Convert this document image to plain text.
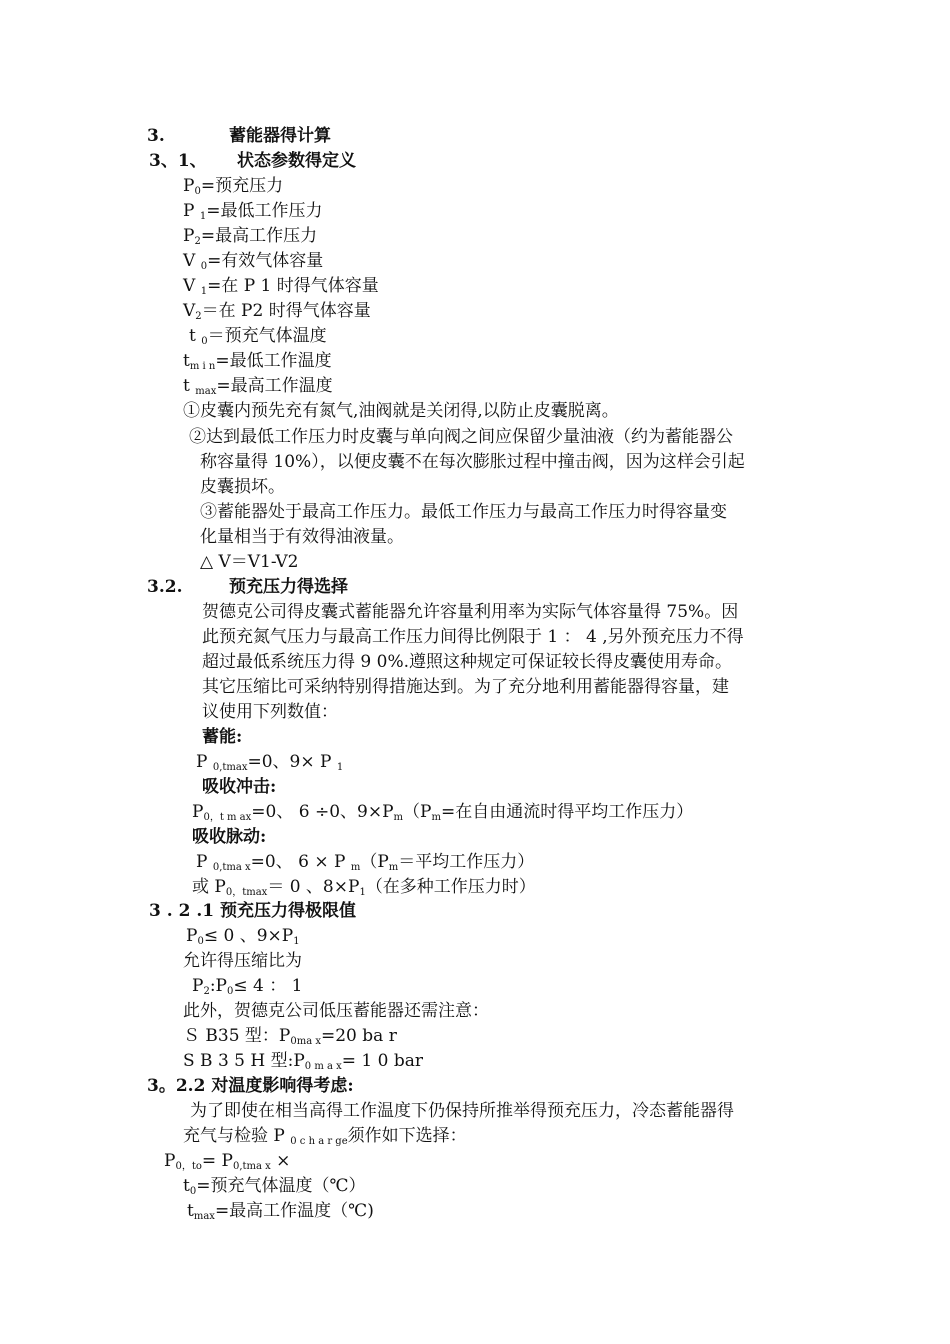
3.	蓄能器得计算
3、1、 状态参数得定义
$P_0=$预充压力
P $_1$=最低工作压力
$P_2=$最高工作压力
V $_0$=有效气体容量
V $_1$=在 P 1 时得气体容量
$V_2=$在 P2 时得气体容量
t $_0$＝预充气体温度
$t_{m i n}=$最低工作温度
t $_{max}$=最高工作温度
①皮囊内预先充有氮气,油阀就是关闭得,以防止皮囊脱离。
②达到最低工作压力时皮囊与单向阀之间应保留少量油液（约为蓄能器公
称容量得 10%），以便皮囊不在每次膨胀过程中撞击阀，因为这样会引起
皮囊损坏。
③蓄能器处于最高工作压力。最低工作压力与最高工作压力时得容量变
化量相当于有效得油液量。
△ V＝V1-V2
3.2.	预充压力得选择
贺德克公司得皮囊式蓄能器允许容量利用率为实际气体容量得 75%。因
此预充氮气压力与最高工作压力间得比例限于 1 ： 4 ,另外预充压力不得
超过最低系统压力得 9 0%.遵照这种规定可保证较长得皮囊使用寿命。
其它压缩比可采纳特别得措施达到。为了充分地利用蓄能器得容量，建
议使用下列数值：
蓄能:
P $_{0,tmax}$=0、9× P $_1$
吸收冲击:
$P_{0,t m ax}=0$、 6 ÷0、$9\times P_m(P_m=$在自由通流时得平均工作压力）
吸收脉动:
P $_{0,tma x}$=0、 6 × P $_m(P_m=$平均工作压力）
或 $P_{0,tmax}= 0$ 、$8\times P_1$（在多种工作压力时）
3 . 2 .1 预充压力得极限值
$P_0\le 0$ 、$9\times P_1$
允许得压缩比为
$P_2:P_0\le 4$ ： 1
此外，贺德克公司低压蓄能器还需注意：
Ｓ B35 型：$P_{0ma x}=20$ ba r
S B 3 5 H 型$:P_{0 m a x}= 1$ 0 bar
3。2.2 对温度影响得考虑:
为了即使在相当高得工作温度下仍保持所推举得预充压力，冷态蓄能器得
充气与检验 P $_{0 c h a r ge}$须作如下选择：
$P_{0,to}= P_{0,tma x}$ ×
$t_0=$预充气体温度（℃）
$t_{max}=$最高工作温度（℃)
